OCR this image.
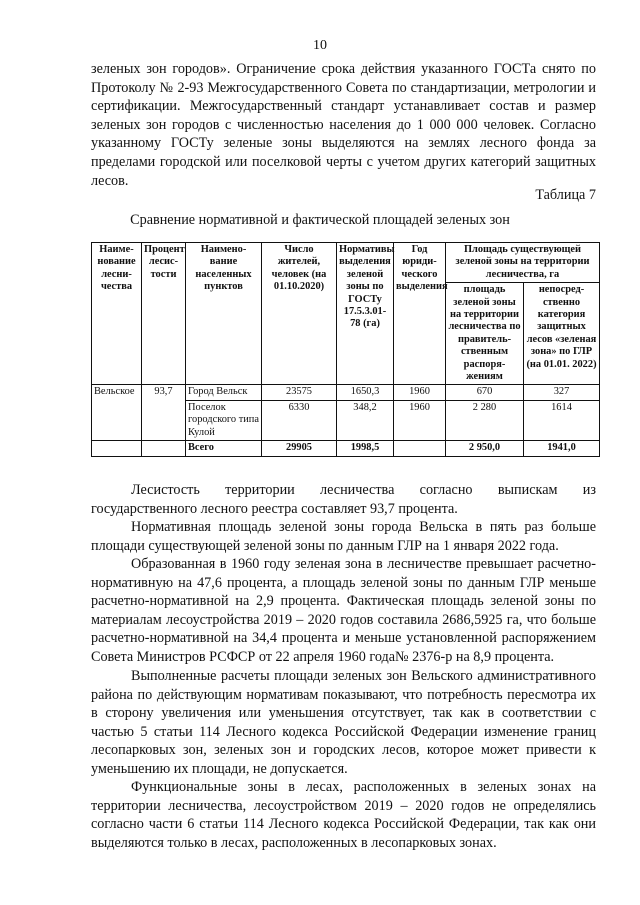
10

зеленых зон городов». Ограничение срока действия указанного ГОСТа снято по Протоколу № 2-93 Межгосударственного Совета по стандартизации, метрологии и сертификации. Межгосударственный стандарт устанавливает состав и размер зеленых зон городов с численностью населения до 1 000 000 человек. Согласно указанному ГОСТу зеленые зоны выделяются на землях лесного фонда за пределами городской или поселковой черты с учетом других категорий защитных лесов.

Таблица 7
Сравнение нормативной и фактической площадей зеленых зон
Наиме-нование лесни-чества	Процент лесис-тости	Наимено-вание населенных пунктов	Число жителей, человек (на 01.10.2020)	Нормативы выделения зеленой зоны по ГОСТу 17.5.3.01-78 (га)	Год юриди-ческого выделения	Площадь существующей зеленой зоны на территории лесничества, га	
						площадь зеленой зоны на территории лесничества по правитель-ственным распоря-жениям	непосред-ственно категория защитных лесов «зеленая зона» по ГЛР (на 01.01. 2022)
Вельское	93,7	Город Вельск	23575	1650,3	1960	670	327
		Поселок городского типа Кулой	6330	348,2	1960	2 280	1614
		Всего	29905	1998,5		2 950,0	1941,0

Лесистость территории лесничества согласно выпискам из государственного лесного реестра составляет 93,7 процента.

Нормативная площадь зеленой зоны города Вельска в пять раз больше площади существующей зеленой зоны по данным ГЛР на 1 января 2022 года.

Образованная в 1960 году зеленая зона в лесничестве превышает расчетно-нормативную на 47,6 процента, а площадь зеленой зоны по данным ГЛР меньше расчетно-нормативной на 2,9 процента. Фактическая площадь зеленой зоны по материалам лесоустройства 2019 – 2020 годов составила 2686,5925 га, что больше расчетно-нормативной на 34,4 процента и меньше установленной распоряжением Совета Министров РСФСР от 22 апреля 1960 года№ 2376-р на 8,9 процента.

Выполненные расчеты площади зеленых зон Вельского административного района по действующим нормативам показывают, что потребность пересмотра их в сторону увеличения или уменьшения отсутствует, так как в соответствии с частью 5 статьи 114 Лесного кодекса Российской Федерации изменение границ лесопарковых зон, зеленых зон и городских лесов, которое может привести к уменьшению их площади, не допускается.

Функциональные зоны в лесах, расположенных в зеленых зонах на территории лесничества, лесоустройством 2019 – 2020 годов не определялись согласно части 6 статьи 114 Лесного кодекса Российской Федерации, так как они выделяются только в лесах, расположенных в лесопарковых зонах.
